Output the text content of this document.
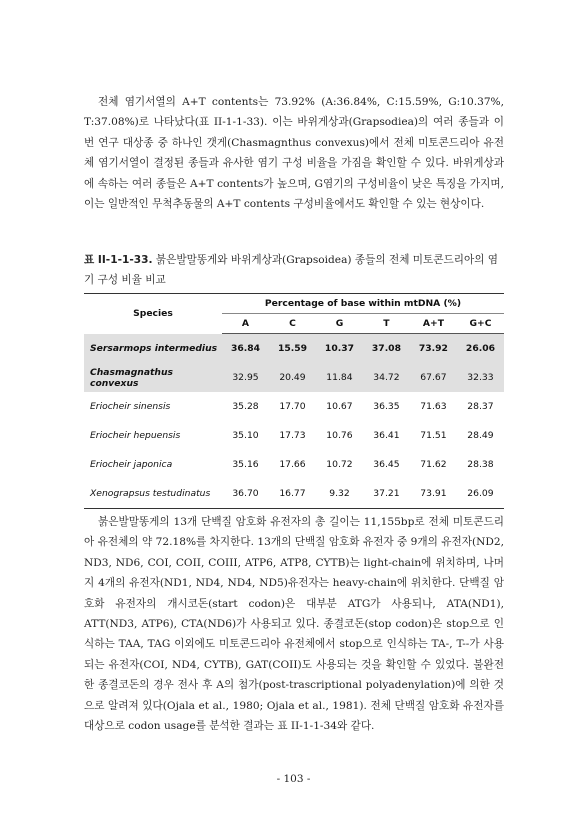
전체 염기서열의 A+T contents는 73.92% (A:36.84%, C:15.59%, G:10.37%, T:37.08%)로 나타났다(표 II-1-1-33). 이는 바위게상과(Grapsodiea)의 여러 종들과 이번 연구 대상종 중 하나인 갯게(Chasmagnthus convexus)에서 전체 미토콘드리아 유전체 염기서열이 결정된 종들과 유사한 염기 구성 비율을 가짐을 확인할 수 있다. 바위게상과에 속하는 여러 종들은 A+T contents가 높으며, G염기의 구성비율이 낮은 특징을 가지며, 이는 일반적인 무척추동물의 A+T contents 구성비율에서도 확인할 수 있는 현상이다.

표 II-1-1-33. 붉은발말똥게와 바위게상과(Grapsoidea) 종들의 전체 미토콘드리아의 염기 구성 비율 비교
Species	Percentage of base within mtDNA (%)					
	A	C	G	T	A+T	G+C
Sersarmops intermedius	36.84	15.59	10.37	37.08	73.92	26.06
Chasmagnathus convexus	32.95	20.49	11.84	34.72	67.67	32.33
Eriocheir sinensis	35.28	17.70	10.67	36.35	71.63	28.37
Eriocheir hepuensis	35.10	17.73	10.76	36.41	71.51	28.49
Eriocheir japonica	35.16	17.66	10.72	36.45	71.62	28.38
Xenograpsus testudinatus	36.70	16.77	9.32	37.21	73.91	26.09

붉은발말똥게의 13개 단백질 암호화 유전자의 총 길이는 11,155bp로 전체 미토콘드리아 유전체의 약 72.18%를 차지한다. 13개의 단백질 암호화 유전자 중 9개의 유전자(ND2, ND3, ND6, COI, COII, COIII, ATP6, ATP8, CYTB)는 light-chain에 위치하며, 나머지 4개의 유전자(ND1, ND4, ND4, ND5)유전자는 heavy-chain에 위치한다. 단백질 암호화 유전자의 개시코돈(start codon)은 대부분 ATG가 사용되나, ATA(ND1), ATT(ND3, ATP6), CTA(ND6)가 사용되고 있다. 종결코돈(stop codon)은 stop으로 인식하는 TAA, TAG 이외에도 미토콘드리아 유전체에서 stop으로 인식하는 TA-, T--가 사용되는 유전자(COI, ND4, CYTB), GAT(COII)도 사용되는 것을 확인할 수 있었다. 불완전한 종결코돈의 경우 전사 후 A의 첨가(post-trascriptional polyadenylation)에 의한 것으로 알려져 있다(Ojala et al., 1980; Ojala et al., 1981). 전체 단백질 암호화 유전자를 대상으로 codon usage를 분석한 결과는 표 II-1-1-34와 같다.

- 103 -
